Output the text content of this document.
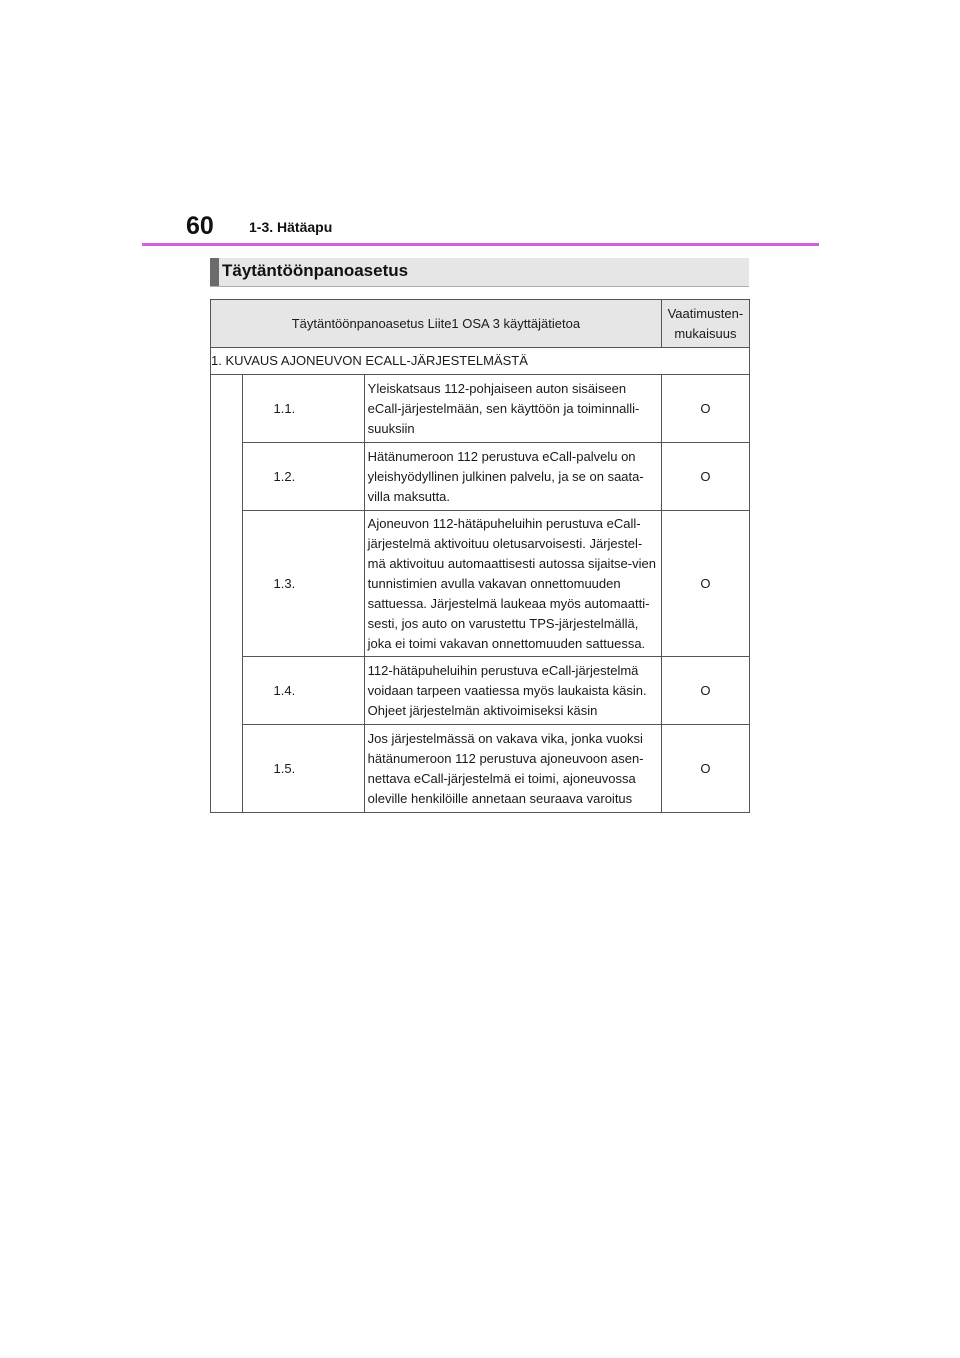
60	1-3. Hätäapu
Täytäntöönpanoasetus
Täytäntöönpanoasetus Liite1 OSA 3 käyttäjätietoa			Vaatimusten-
mukaisuus

1. KUVAUS AJONEUVON ECALL-JÄRJESTELMÄSTÄ			
	1.1.	Yleiskatsaus 112-pohjaiseen auton sisäiseen eCall-järjestelmään, sen käyttöön ja toiminnalli-suuksiin	O
	1.2.	Hätänumeroon 112 perustuva eCall-palvelu on yleishyödyllinen julkinen palvelu, ja se on saata-villa maksutta.	O
	1.3.	Ajoneuvon 112-hätäpuheluihin perustuva eCall-järjestelmä aktivoituu oletusarvoisesti. Järjestel-mä aktivoituu automaattisesti autossa sijaitse-vien tunnistimien avulla vakavan onnettomuuden sattuessa. Järjestelmä laukeaa myös automaatti-sesti, jos auto on varustettu TPS-järjestelmällä, joka ei toimi vakavan onnettomuuden sattuessa.	O
	1.4.	112-hätäpuheluihin perustuva eCall-järjestelmä voidaan tarpeen vaatiessa myös laukaista käsin. Ohjeet järjestelmän aktivoimiseksi käsin	O
	1.5.	Jos järjestelmässä on vakava vika, jonka vuoksi hätänumeroon 112 perustuva ajoneuvoon asen-nettava eCall-järjestelmä ei toimi, ajoneuvossa oleville henkilöille annetaan seuraava varoitus	O
